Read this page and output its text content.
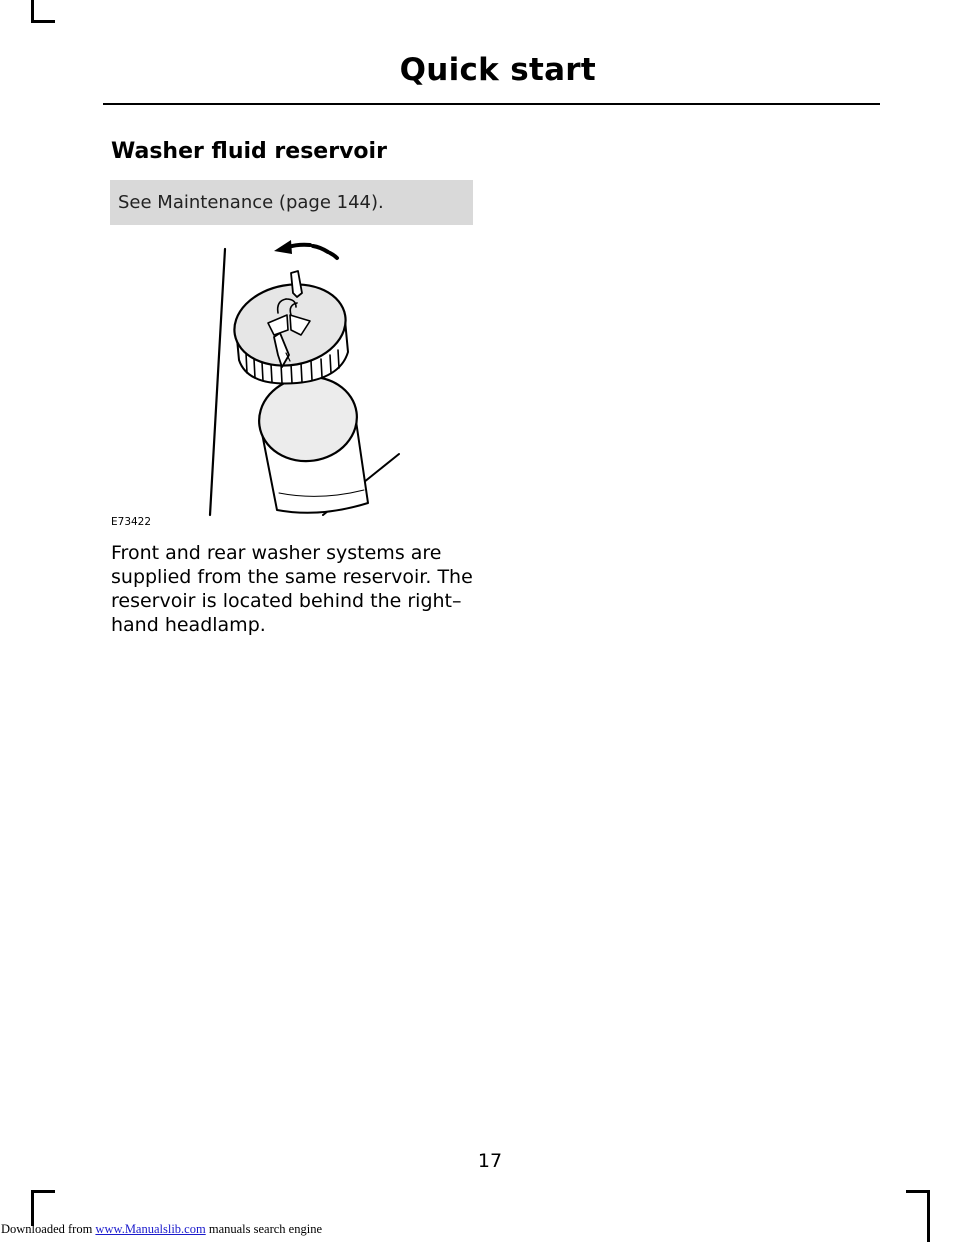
Quick start
Washer fluid reservoir
See Maintenance (page 144).
E73422

Front and rear washer systems are supplied from the same reservoir. The reservoir is located behind the right–hand headlamp.

17
Downloaded from www.Manualslib.com manuals search engine
